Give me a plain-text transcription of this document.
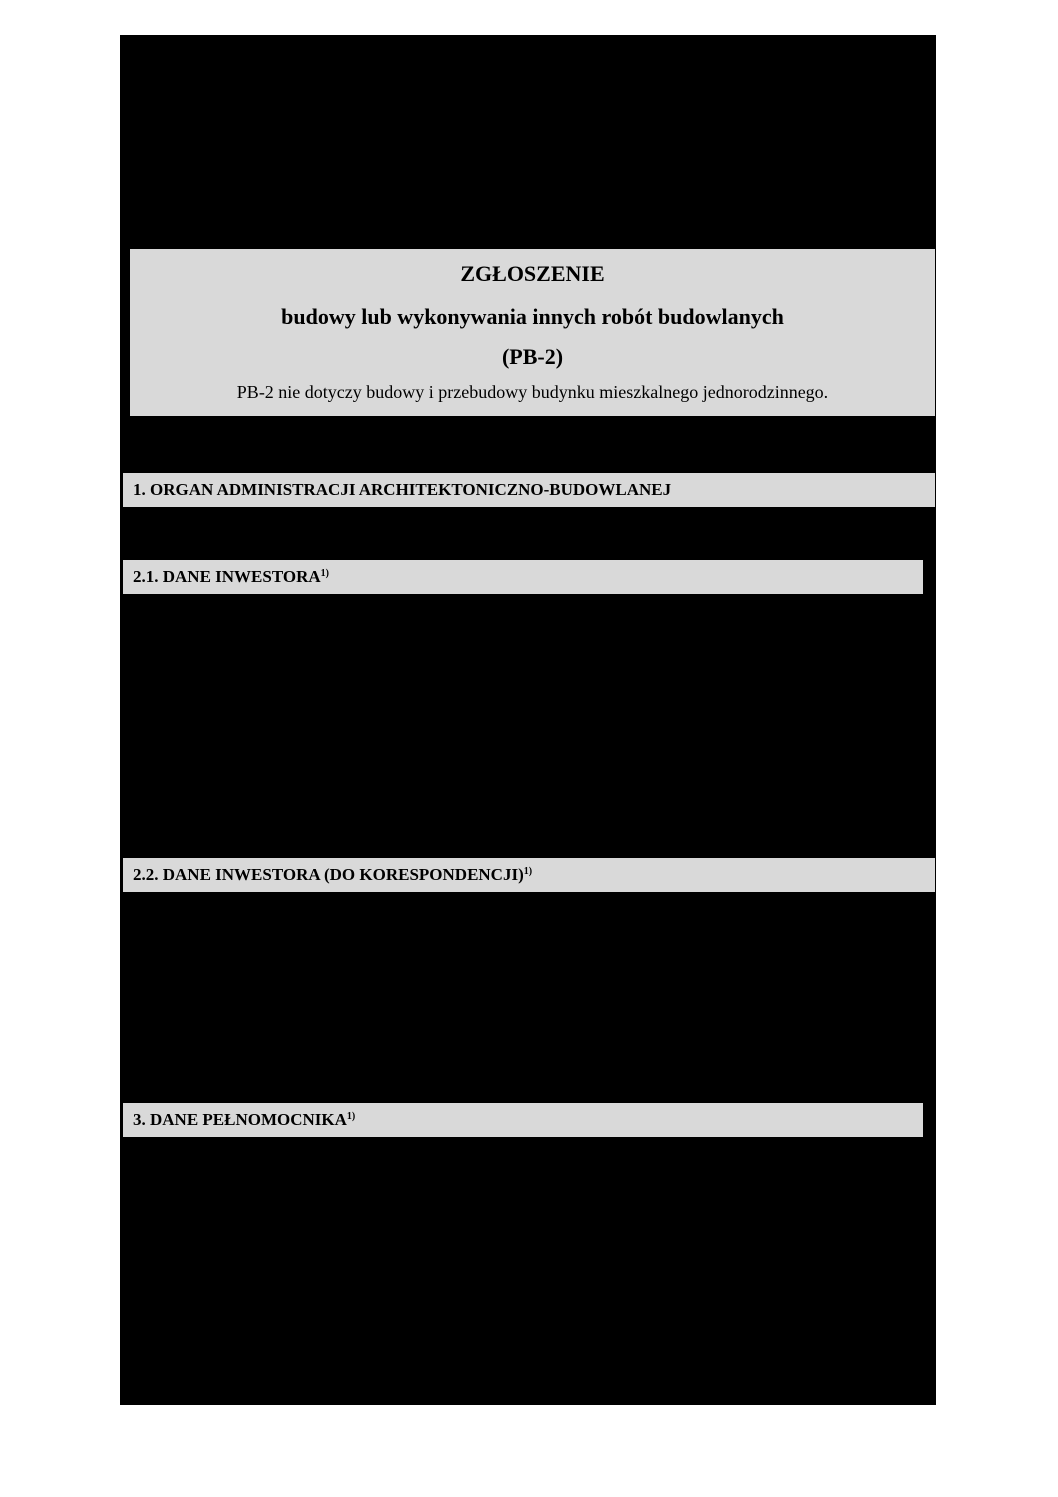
ZGŁOSZENIE
budowy lub wykonywania innych robót budowlanych
(PB-2)
PB-2 nie dotyczy budowy i przebudowy budynku mieszkalnego jednorodzinnego.
1. ORGAN ADMINISTRACJI ARCHITEKTONICZNO-BUDOWLANEJ
2.1. DANE INWESTORA$^{1)}$
2.2. DANE INWESTORA (DO KORESPONDENCJI)$^{1)}$
3. DANE PEŁNOMOCNIKA$^{1)}$
